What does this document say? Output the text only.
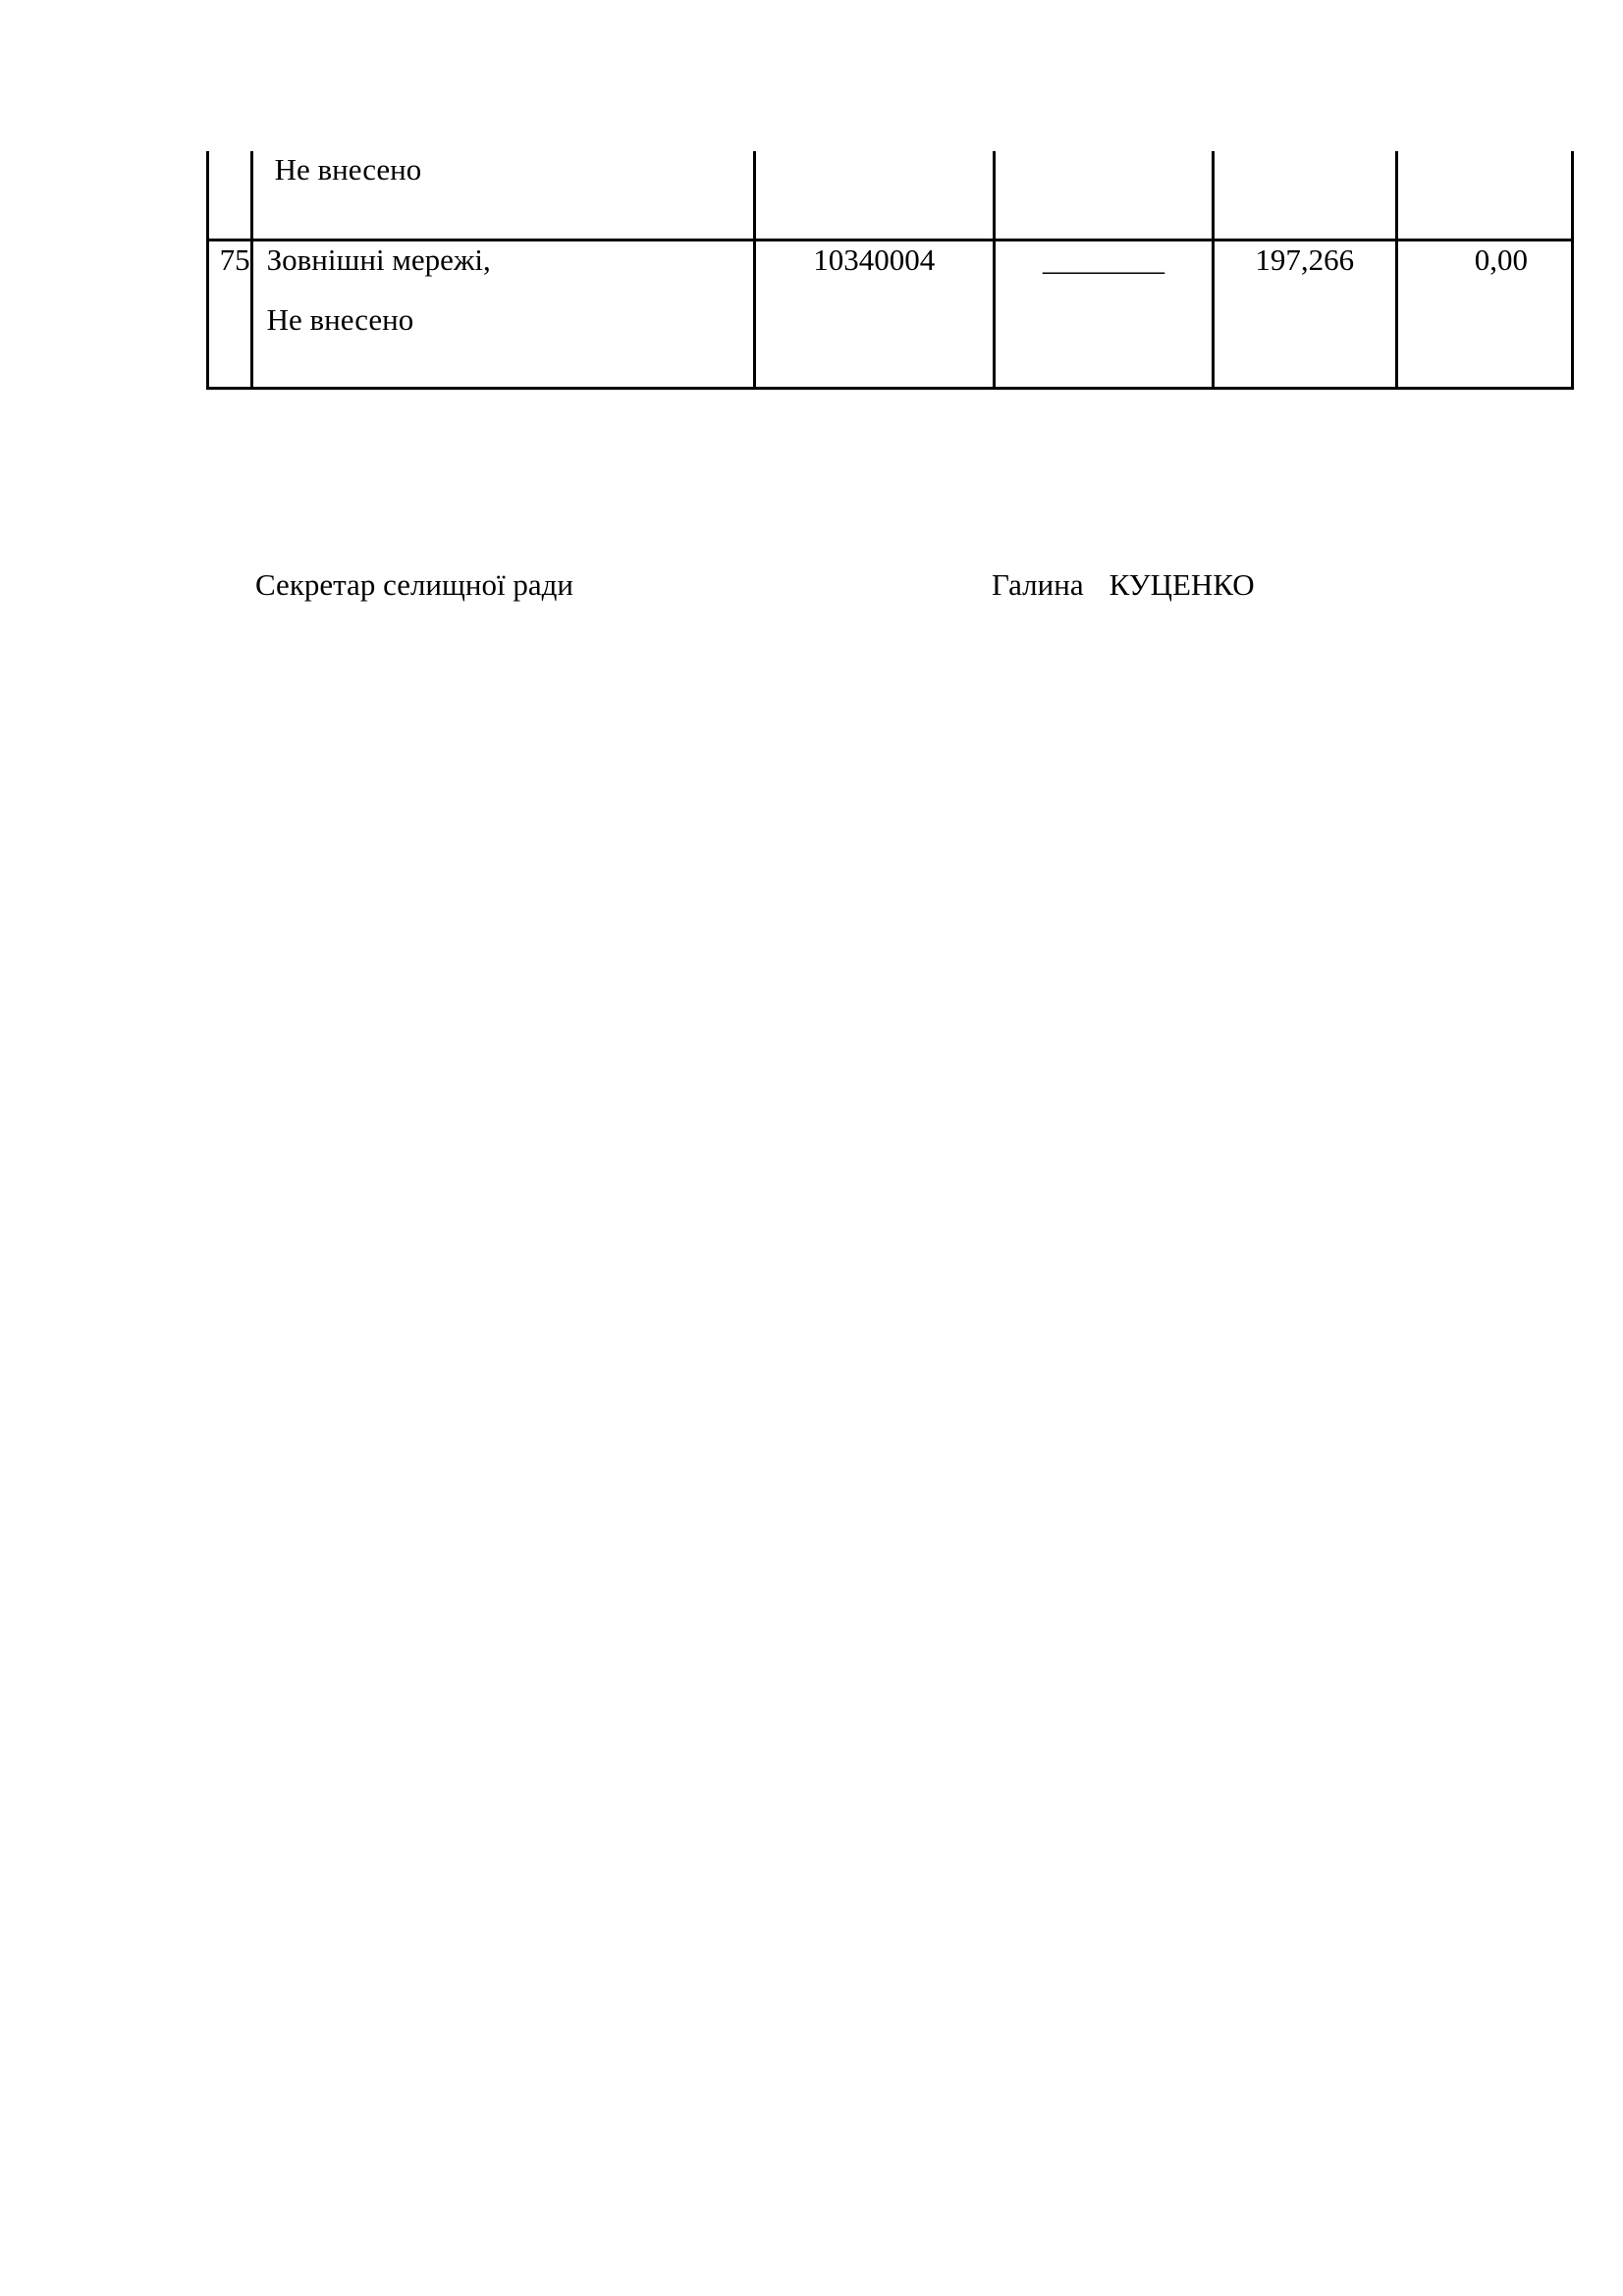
	Не внесено				

75	Зовнішні мережі,
Не внесено	10340004	________	197,266	0,00
Секретар селищної ради	Галина КУЦЕНКО
